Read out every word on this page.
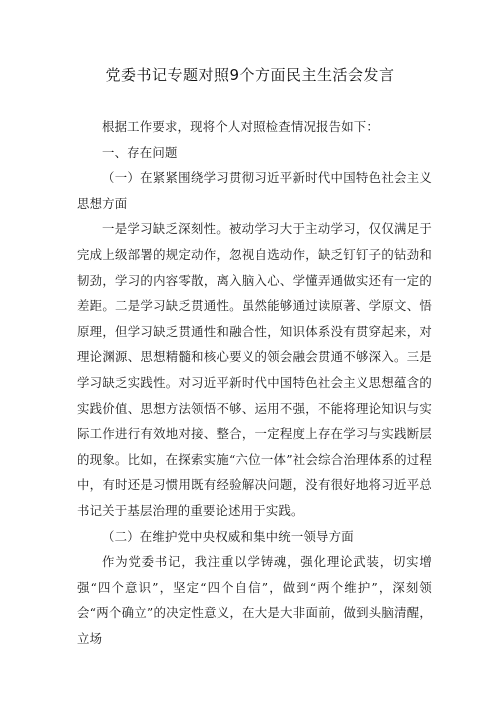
党委书记专题对照9个方面民主生活会发言

根据工作要求，现将个人对照检查情况报告如下：

一、存在问题

（一）在紧紧围绕学习贯彻习近平新时代中国特色社会主义思想方面

一是学习缺乏深刻性。被动学习大于主动学习，仅仅满足于完成上级部署的规定动作，忽视自选动作，缺乏钉钉子的钻劲和韧劲，学习的内容零散，离入脑入心、学懂弄通做实还有一定的差距。二是学习缺乏贯通性。虽然能够通过读原著、学原文、悟原理，但学习缺乏贯通性和融合性，知识体系没有贯穿起来，对理论渊源、思想精髓和核心要义的领会融会贯通不够深入。三是学习缺乏实践性。对习近平新时代中国特色社会主义思想蕴含的实践价值、思想方法领悟不够、运用不强，不能将理论知识与实际工作进行有效地对接、整合，一定程度上存在学习与实践断层的现象。比如，在探索实施“六位一体”社会综合治理体系的过程中，有时还是习惯用既有经验解决问题，没有很好地将习近平总书记关于基层治理的重要论述用于实践。

（二）在维护党中央权威和集中统一领导方面

作为党委书记，我注重以学铸魂，强化理论武装，切实增强“四个意识”，坚定“四个自信”，做到“两个维护”，深刻领会“两个确立”的决定性意义，在大是大非面前，做到头脑清醒，立场
